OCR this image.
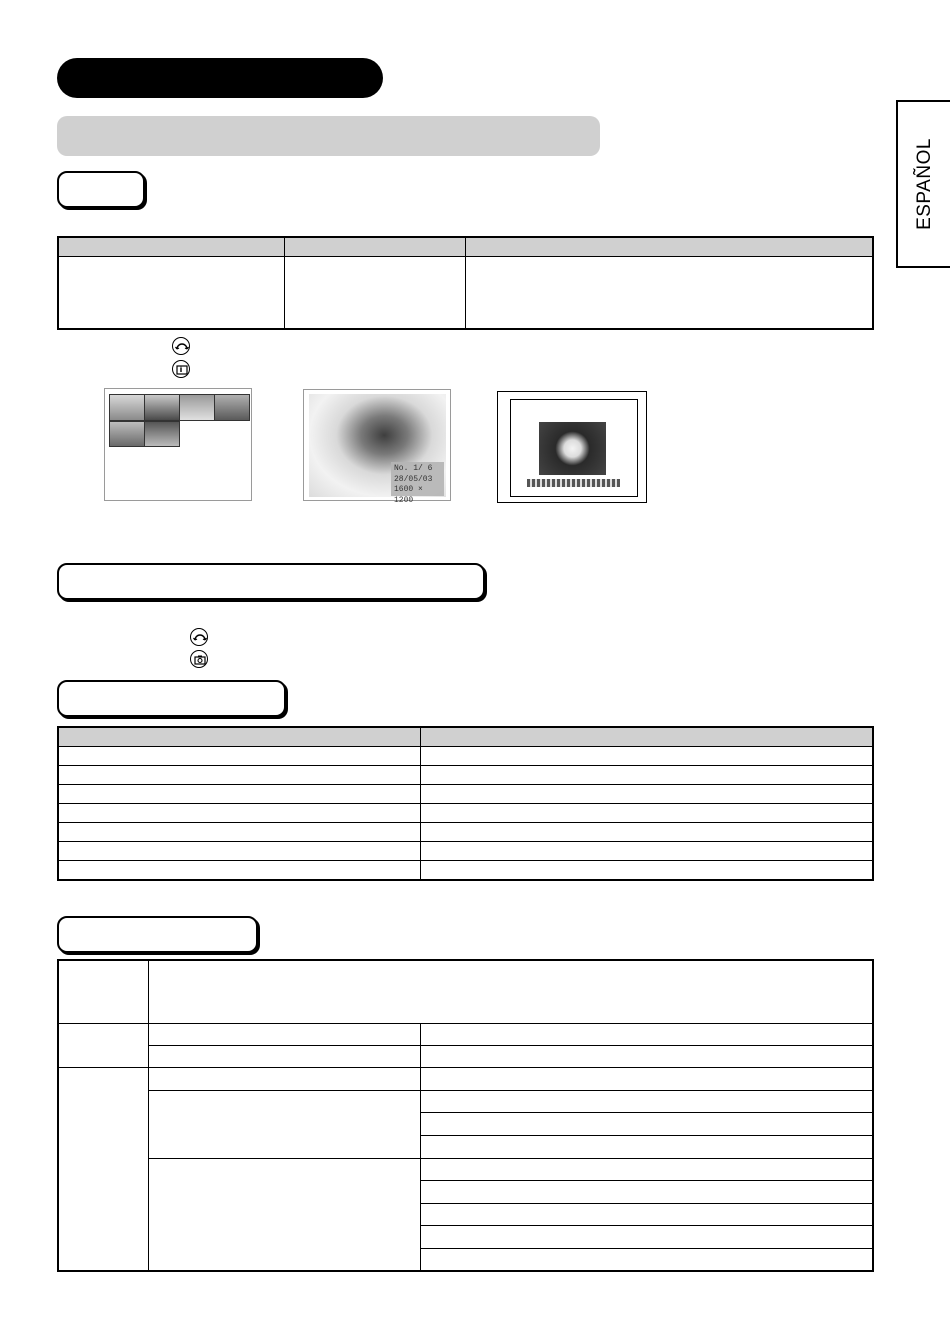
ESPAÑOL

No. 1/ 6
28/05/03
1600 × 1200
